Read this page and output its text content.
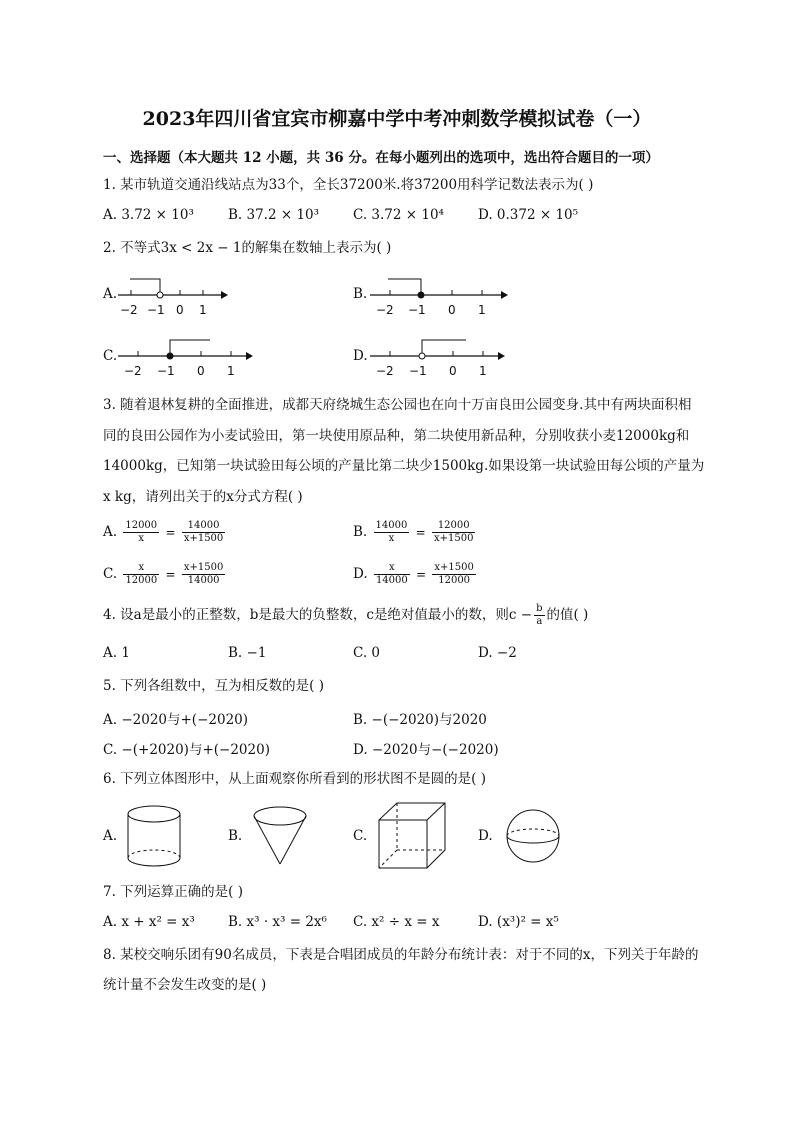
2023年四川省宜宾市柳嘉中学中考冲刺数学模拟试卷（一）
一、选择题（本大题共 12 小题，共 36 分。在每小题列出的选项中，选出符合题目的一项）
1. 某市轨道交通沿线站点为33个，全长37200米.将37200用科学记数法表示为( )
A. 3.72 × 10³	B. 37.2 × 10³	C. 3.72 × 10⁴	D. 0.372 × 10⁵
2. 不等式3x < 2x − 1的解集在数轴上表示为( )
A.
−2 −1 0 1
B.
−2 −1 0 1
C.
−2 −1 0 1
D.
−2 −1 0 1
3. 随着退林复耕的全面推进，成都天府绕城生态公园也在向十万亩良田公园变身.其中有两块面积相
同的良田公园作为小麦试验田，第一块使用原品种，第二块使用新品种，分别收获小麦12000kg和
14000kg，已知第一块试验田每公顷的产量比第二块少1500kg.如果设第一块试验田每公顷的产量为
x kg，请列出关于的x分式方程( )
A. $\frac{12000}{x} = \frac{14000}{x+1500}$	B. $\frac{14000}{x} = \frac{12000}{x+1500}$
C. $\frac{x}{12000} = \frac{x+1500}{14000}$	D. $\frac{x}{14000} = \frac{x+1500}{12000}$
4. 设a是最小的正整数，b是最大的负整数，c是绝对值最小的数，则$c - \frac{b}{a}$ 的值( )
A. 1	B. −1	C. 0	D. −2
5. 下列各组数中，互为相反数的是( )
A. −2020与+(−2020)	B. −(−2020)与2020
C. −(+2020)与+(−2020)	D. −2020与−(−2020)
6. 下列立体图形中，从上面观察你所看到的形状图不是圆的是( )
A.	B.	C.	D.
7. 下列运算正确的是( )
A. x + x² = x³ B. x³ · x³ = 2x⁶ C. x² ÷ x = x	D. (x³)² = x⁵
8. 某校交响乐团有90名成员，下表是合唱团成员的年龄分布统计表：对于不同的x，下列关于年龄的
统计量不会发生改变的是( )
